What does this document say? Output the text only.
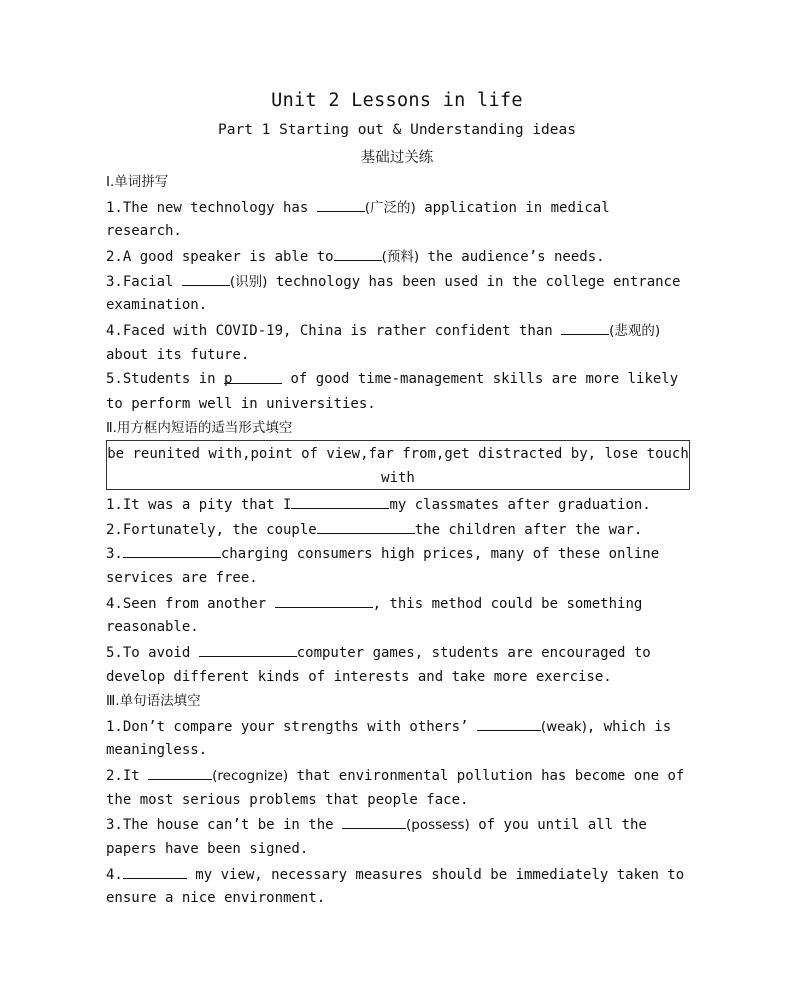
Unit 2 Lessons in life
Part 1 Starting out & Understanding ideas
基础过关练
Ⅰ.单词拼写
1.The new technology has	(广泛的) application in medical
research.
2.A good speaker is able to	(预料) the audience’s needs.
3.Facial	(识别) technology has been used in the college entrance
examination.
4.Faced with COVID-19, China is rather confident than	(悲观的)
about its future.
5.Students in p	of good time-management skills are more likely
to perform well in universities.
Ⅱ.用方框内短语的适当形式填空
be reunited with,point of view,far from,get distracted by, lose touch
with
1.It was a pity that I	my classmates after graduation.
2.Fortunately, the couple	the children after the war.
3.	charging consumers high prices, many of these online
services are free.
4.Seen from another	, this method could be something
reasonable.
5.To avoid	computer games, students are encouraged to
develop different kinds of interests and take more exercise.
Ⅲ.单句语法填空
1.Don’t compare your strengths with others’	(weak), which is
meaningless.
2.It	(recognize) that environmental pollution has become one of
the most serious problems that people face.
3.The house can’t be in the	(possess) of you until all the
papers have been signed.
4.	my view, necessary measures should be immediately taken to
ensure a nice environment.
